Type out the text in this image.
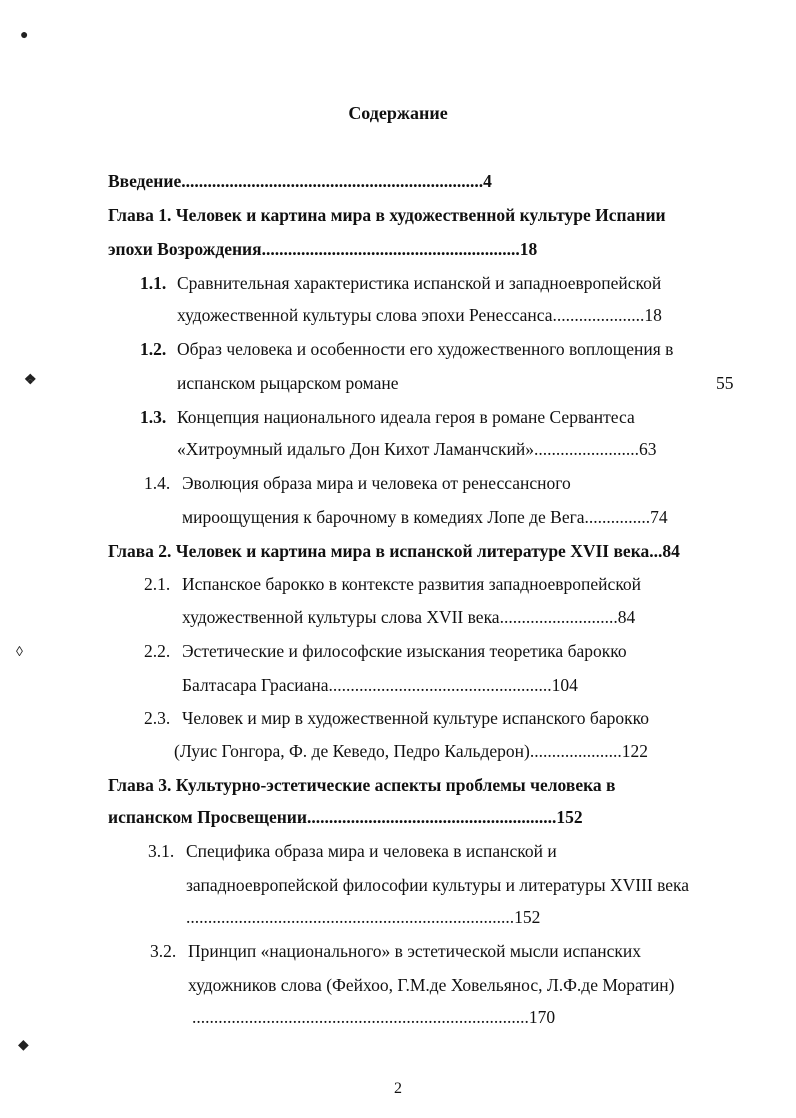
●
❖
◊
◆
Содержание
Введение.....................................................................4
Глава 1. Человек и картина мира в художественной культуре Испании
эпохи Возрождения...........................................................18
1.1. Сравнительная характеристика испанской и западноевропейской
художественной культуры слова эпохи Ренессанса.....................18
1.2. Образ человека и особенности его художественного воплощения в
испанском рыцарском романе	55
1.3. Концепция национального идеала героя в романе Сервантеса
«Хитроумный идальго Дон Кихот Ламанчский»........................63
1.4. Эволюция образа мира и человека от ренессансного
мироощущения к барочному в комедиях Лопе де Вега...............74
Глава 2. Человек и картина мира в испанской литературе XVII века...84
2.1. Испанское барокко в контексте развития западноевропейской
художественной культуры слова XVII века...........................84
2.2. Эстетические и философские изыскания теоретика барокко
Балтасара Грасиана...................................................104
2.3. Человек и мир в художественной культуре испанского барокко
(Луис Гонгора, Ф. де Кеведо, Педро Кальдерон).....................122
Глава 3. Культурно-эстетические аспекты проблемы человека в
испанском Просвещении.........................................................152
3.1. Специфика образа мира и человека в испанской и
западноевропейской философии культуры и литературы XVIII века
...........................................................................152
3.2. Принцип «национального» в эстетической мысли испанских
художников слова (Фейхоо, Г.М.де Ховельянос, Л.Ф.де Моратин)
.............................................................................170
2
